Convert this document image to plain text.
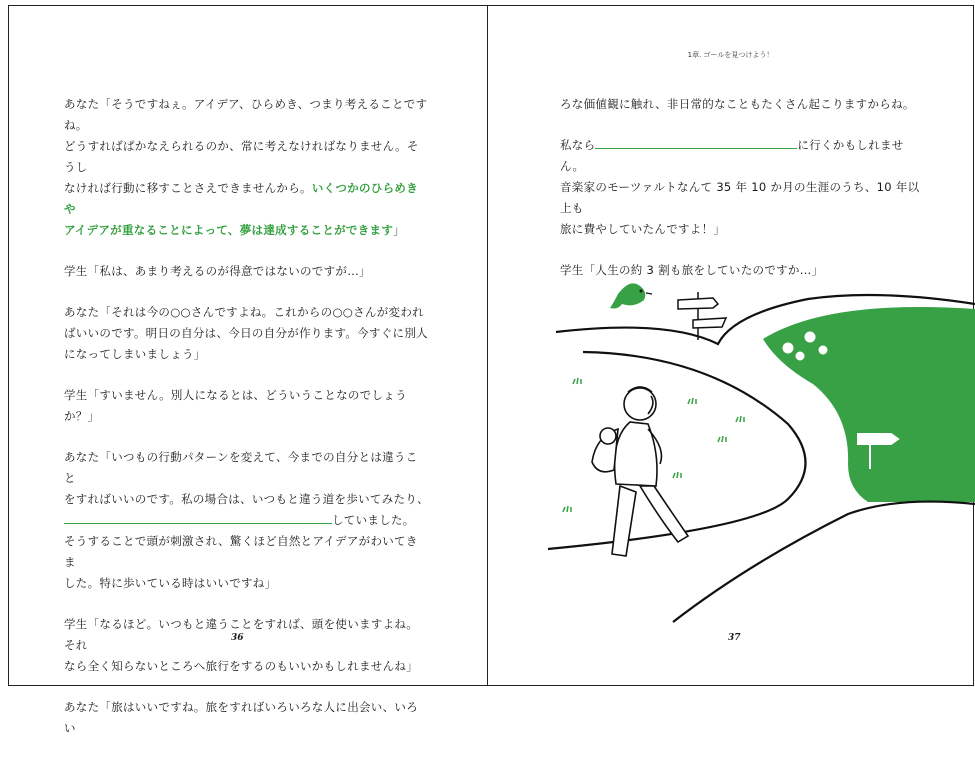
あなた「そうですねぇ。アイデア、ひらめき、つまり考えることですね。
どうすればぱかなえられるのか、常に考えなければなりません。そうし
なければ行動に移すことさえできませんから。いくつかのひらめきや
アイデアが重なることによって、夢は達成することができます」

学生「私は、あまり考えるのが得意ではないのですが…」

あなた「それは今の○○さんですよね。これからの○○さんが変われ
ばいいのです。明日の自分は、今日の自分が作ります。今すぐに別人
になってしまいましょう」

学生「すいません。別人になるとは、どういうことなのでしょうか？」

あなた「いつもの行動パターンを変えて、今までの自分とは違うこと
をすればいいのです。私の場合は、いつもと違う道を歩いてみたり、
していました。
そうすることで頭が刺激され、驚くほど自然とアイデアがわいてきま
した。特に歩いている時はいいですね」

学生「なるほど。いつもと違うことをすれば、頭を使いますよね。それ
なら全く知らないところへ旅行をするのもいいかもしれませんね」

あなた「旅はいいですね。旅をすればいろいろな人に出会い、いろい

36
1章. ゴールを見つけよう！

ろな価値観に触れ、非日常的なこともたくさん起こりますからね。

私なら	に行くかもしれません。
音楽家のモーツァルトなんて 35 年 10 か月の生涯のうち、10 年以上も
旅に費やしていたんですよ！」

学生「人生の約 3 割も旅をしていたのですか…」

37
